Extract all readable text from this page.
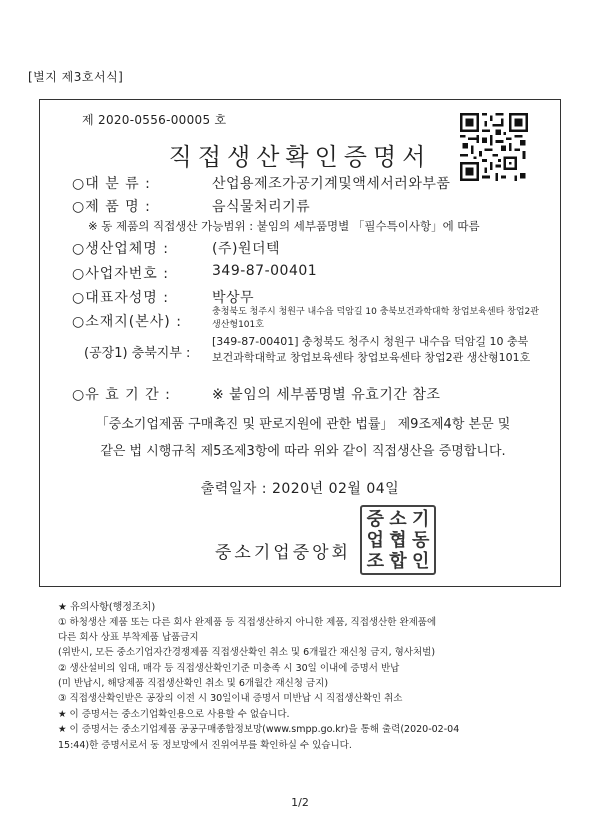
[별지 제3호서식]
제 2020-0556-00005 호
직접생산확인증명서
○대 분 류 :	산업용제조가공기계및액세서러와부품
○제 품 명 :	음식물처리기류
※ 동 제품의 직접생산 가능범위 : 붙임의 세부품명별 「필수특이사항」에 따름
○생산업체명 :	(주)원더텍
○사업자번호 :	349-87-00401
○대표자성명 :	박상무
○소재지(본사) :
충청북도 청주시 청원구 내수읍 덕암길 10 충북보건과학대학 창업보육센타 창업2관
생산형101호
(공장1) 충북지부 :
[349-87-00401] 충청북도 청주시 청원구 내수읍 덕암길 10 충북
보건과학대학교 창업보육센타 창업보육센타 창업2관 생산형101호
○유 효 기 간 :	※ 붙임의 세부품명별 유효기간 참조
「중소기업제품 구매촉진 및 판로지원에 관한 법률」 제9조제4항 본문 및
같은 법 시행규칙 제5조제3항에 따라 위와 같이 직접생산을 증명합니다.
출력일자 : 2020년 02월 04일
중소기업중앙회
중 소 기
업 협 동
조 합 인
★ 유의사항(행정조치)
① 하청생산 제품 또는 다른 회사 완제품 등 직접생산하지 아니한 제품, 직접생산한 완제품에
다른 회사 상표 부착제품 납품금지
(위반시, 모든 중소기업자간경쟁제품 직접생산확인 취소 및 6개월간 재신청 금지, 형사처벌)
② 생산설비의 임대, 매각 등 직접생산확인기준 미충족 시 30일 이내에 증명서 반납
(미 반납시, 해당제품 직접생산확인 취소 및 6개월간 재신청 금지)
③ 직접생산확인받은 공장의 이전 시 30일이내 증명서 미반납 시 직접생산확인 취소
★ 이 증명서는 중소기업확인용으로 사용할 수 없습니다.
★ 이 증명서는 중소기업제품 공공구매종합정보망(www.smpp.go.kr)을 통해 출력(2020-02-04
15:44)한 증명서로서 동 정보망에서 진위여부를 확인하실 수 있습니다.
1/2
